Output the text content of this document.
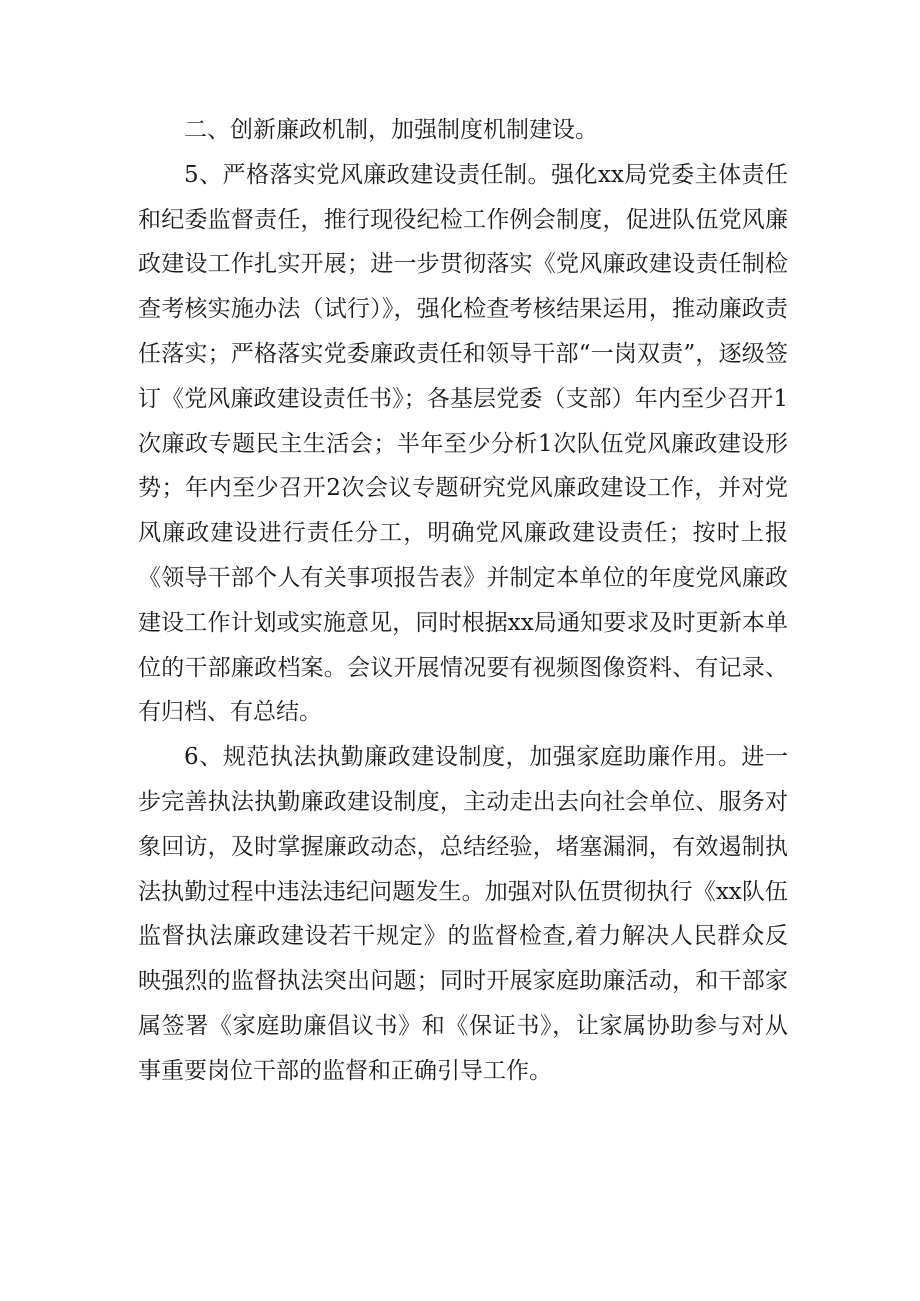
二、创新廉政机制，加强制度机制建设。

5、严格落实党风廉政建设责任制。强化xx局党委主体责任和纪委监督责任，推行现役纪检工作例会制度，促进队伍党风廉政建设工作扎实开展；进一步贯彻落实《党风廉政建设责任制检查考核实施办法（试行）》，强化检查考核结果运用，推动廉政责任落实；严格落实党委廉政责任和领导干部“一岗双责”，逐级签订《党风廉政建设责任书》；各基层党委（支部）年内至少召开1次廉政专题民主生活会；半年至少分析1次队伍党风廉政建设形势；年内至少召开2次会议专题研究党风廉政建设工作，并对党风廉政建设进行责任分工，明确党风廉政建设责任；按时上报《领导干部个人有关事项报告表》并制定本单位的年度党风廉政建设工作计划或实施意见，同时根据xx局通知要求及时更新本单位的干部廉政档案。会议开展情况要有视频图像资料、有记录、有归档、有总结。

6、规范执法执勤廉政建设制度，加强家庭助廉作用。进一步完善执法执勤廉政建设制度，主动走出去向社会单位、服务对象回访，及时掌握廉政动态，总结经验，堵塞漏洞，有效遏制执法执勤过程中违法违纪问题发生。加强对队伍贯彻执行《xx队伍监督执法廉政建设若干规定》的监督检查,着力解决人民群众反映强烈的监督执法突出问题；同时开展家庭助廉活动，和干部家属签署《家庭助廉倡议书》和《保证书》，让家属协助参与对从事重要岗位干部的监督和正确引导工作。
